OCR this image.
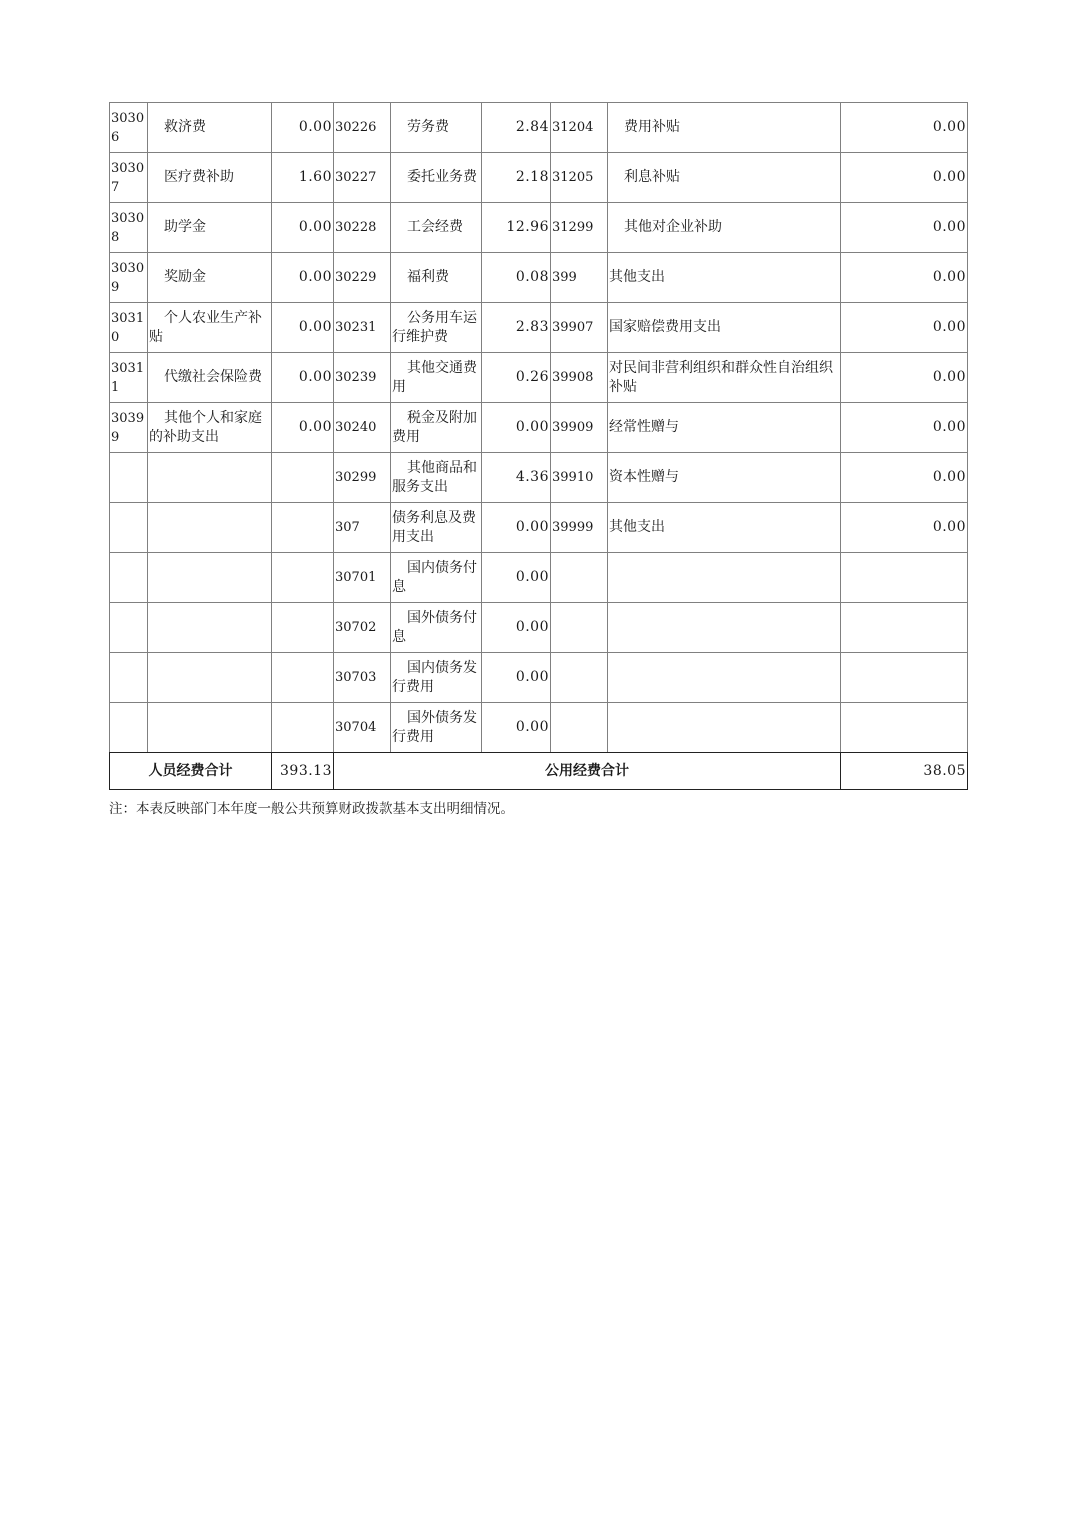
30306	救济费	0.00	30226	劳务费	2.84	31204	费用补贴	0.00
30307	医疗费补助	1.60	30227	委托业务费	2.18	31205	利息补贴	0.00
30308	助学金	0.00	30228	工会经费	12.96	31299	其他对企业补助	0.00
30309	奖励金	0.00	30229	福利费	0.08	399	其他支出	0.00
30310	个人农业生产补贴	0.00	30231	公务用车运行维护费	2.83	39907	国家赔偿费用支出	0.00
30311	代缴社会保险费	0.00	30239	其他交通费用	0.26	39908	对民间非营利组织和群众性自治组织补贴	0.00
30399	其他个人和家庭的补助支出	0.00	30240	税金及附加费用	0.00	39909	经常性赠与	0.00
			30299	其他商品和服务支出	4.36	39910	资本性赠与	0.00
			307	债务利息及费用支出	0.00	39999	其他支出	0.00
			30701	国内债务付息	0.00			
			30702	国外债务付息	0.00			
			30703	国内债务发行费用	0.00			
			30704	国外债务发行费用	0.00			
人员经费合计		393.13	公用经费合计					38.05
注：本表反映部门本年度一般公共预算财政拨款基本支出明细情况。
